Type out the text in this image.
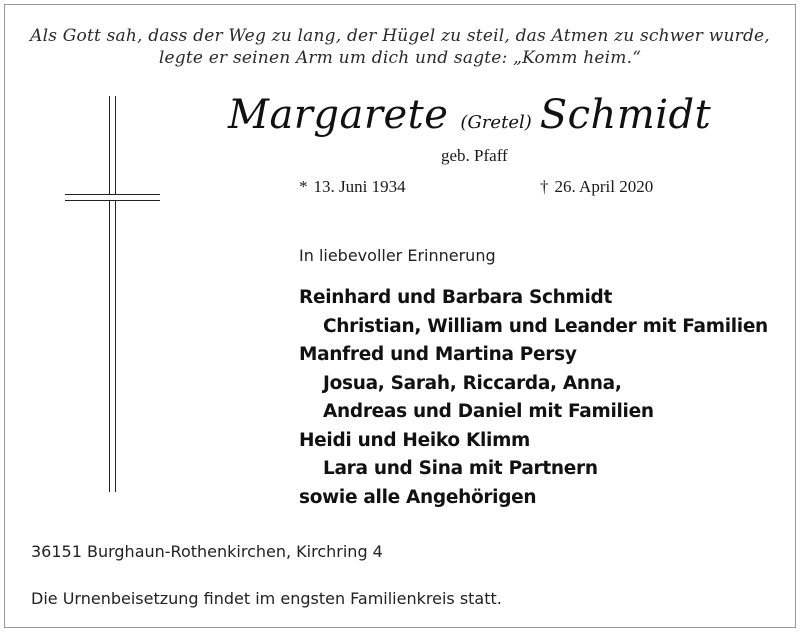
Als Gott sah, dass der Weg zu lang, der Hügel zu steil, das Atmen zu schwer wurde,
legte er seinen Arm um dich und sagte: „Komm heim.“
Margarete (Gretel) Schmidt
geb. Pfaff
* 13. Juni 1934	† 26. April 2020
In liebevoller Erinnerung
Reinhard und Barbara Schmidt
Christian, William und Leander mit Familien
Manfred und Martina Persy
Josua, Sarah, Riccarda, Anna,
Andreas und Daniel mit Familien
Heidi und Heiko Klimm
Lara und Sina mit Partnern
sowie alle Angehörigen
36151 Burghaun-Rothenkirchen, Kirchring 4
Die Urnenbeisetzung findet im engsten Familienkreis statt.
